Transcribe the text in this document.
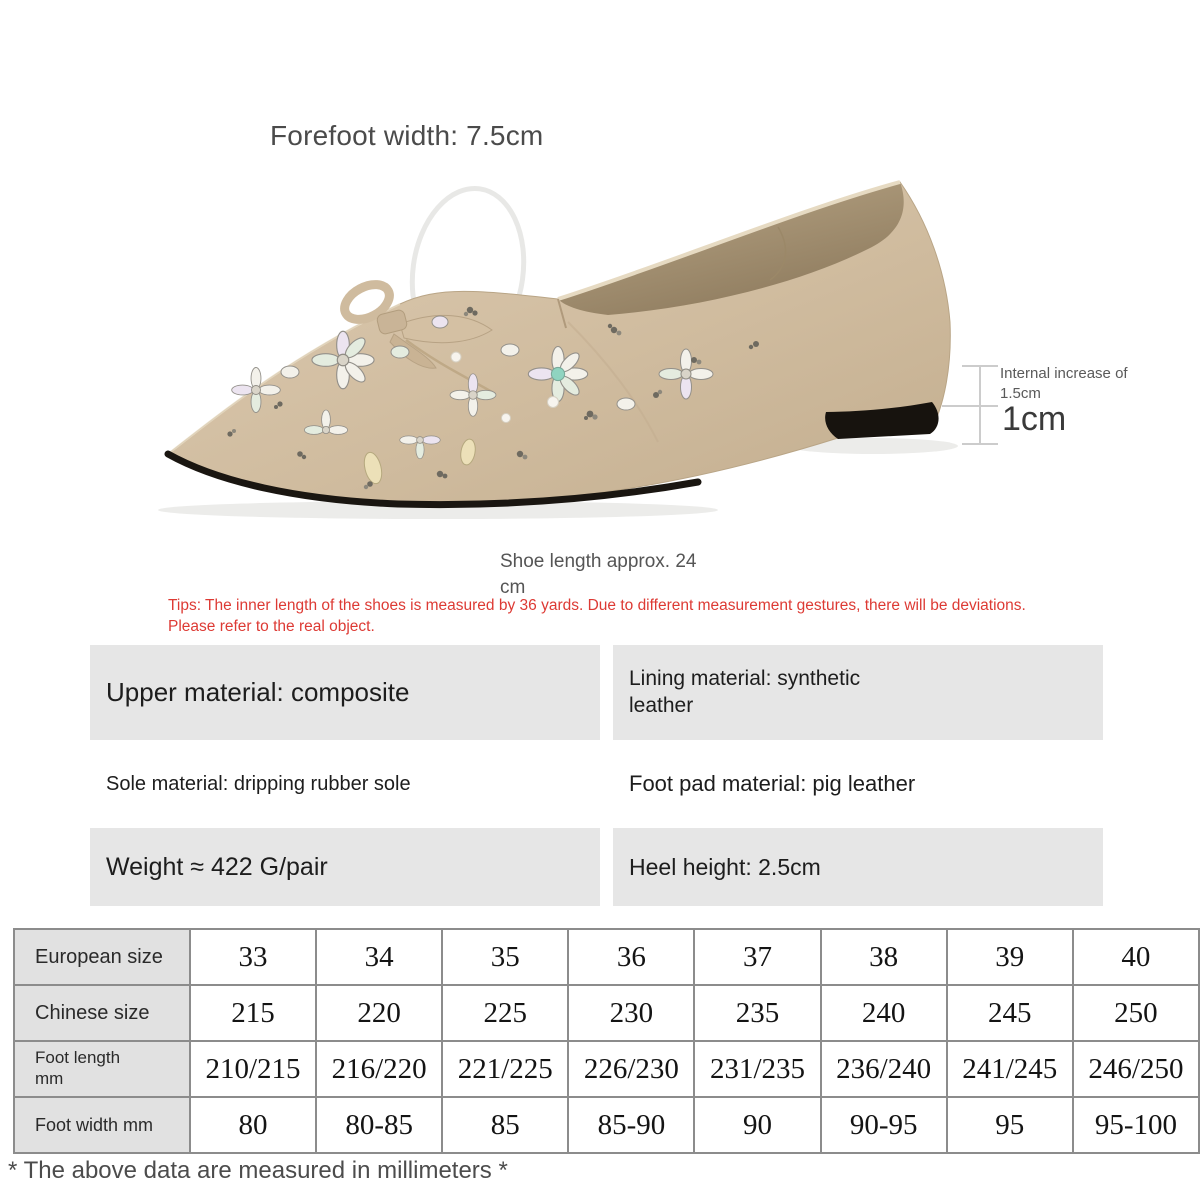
Forefoot width: 7.5cm
Internal increase of 1.5cm
1cm
Shoe length approx. 24 cm
Tips: The inner length of the shoes is measured by 36 yards. Due to different measurement gestures, there will be deviations. Please refer to the real object.
Upper material: composite	Lining material: synthetic leather
Sole material: dripping rubber sole	Foot pad material: pig leather
Weight ≈ 422 G/pair	Heel height: 2.5cm
European size	33	34	35	36	37	38	39	40
Chinese size	215	220	225	230	235	240	245	250
Foot length mm	210/215	216/220	221/225	226/230	231/235	236/240	241/245	246/250
Foot width mm	80	80-85	85	85-90	90	90-95	95	95-100
* The above data are measured in millimeters *
